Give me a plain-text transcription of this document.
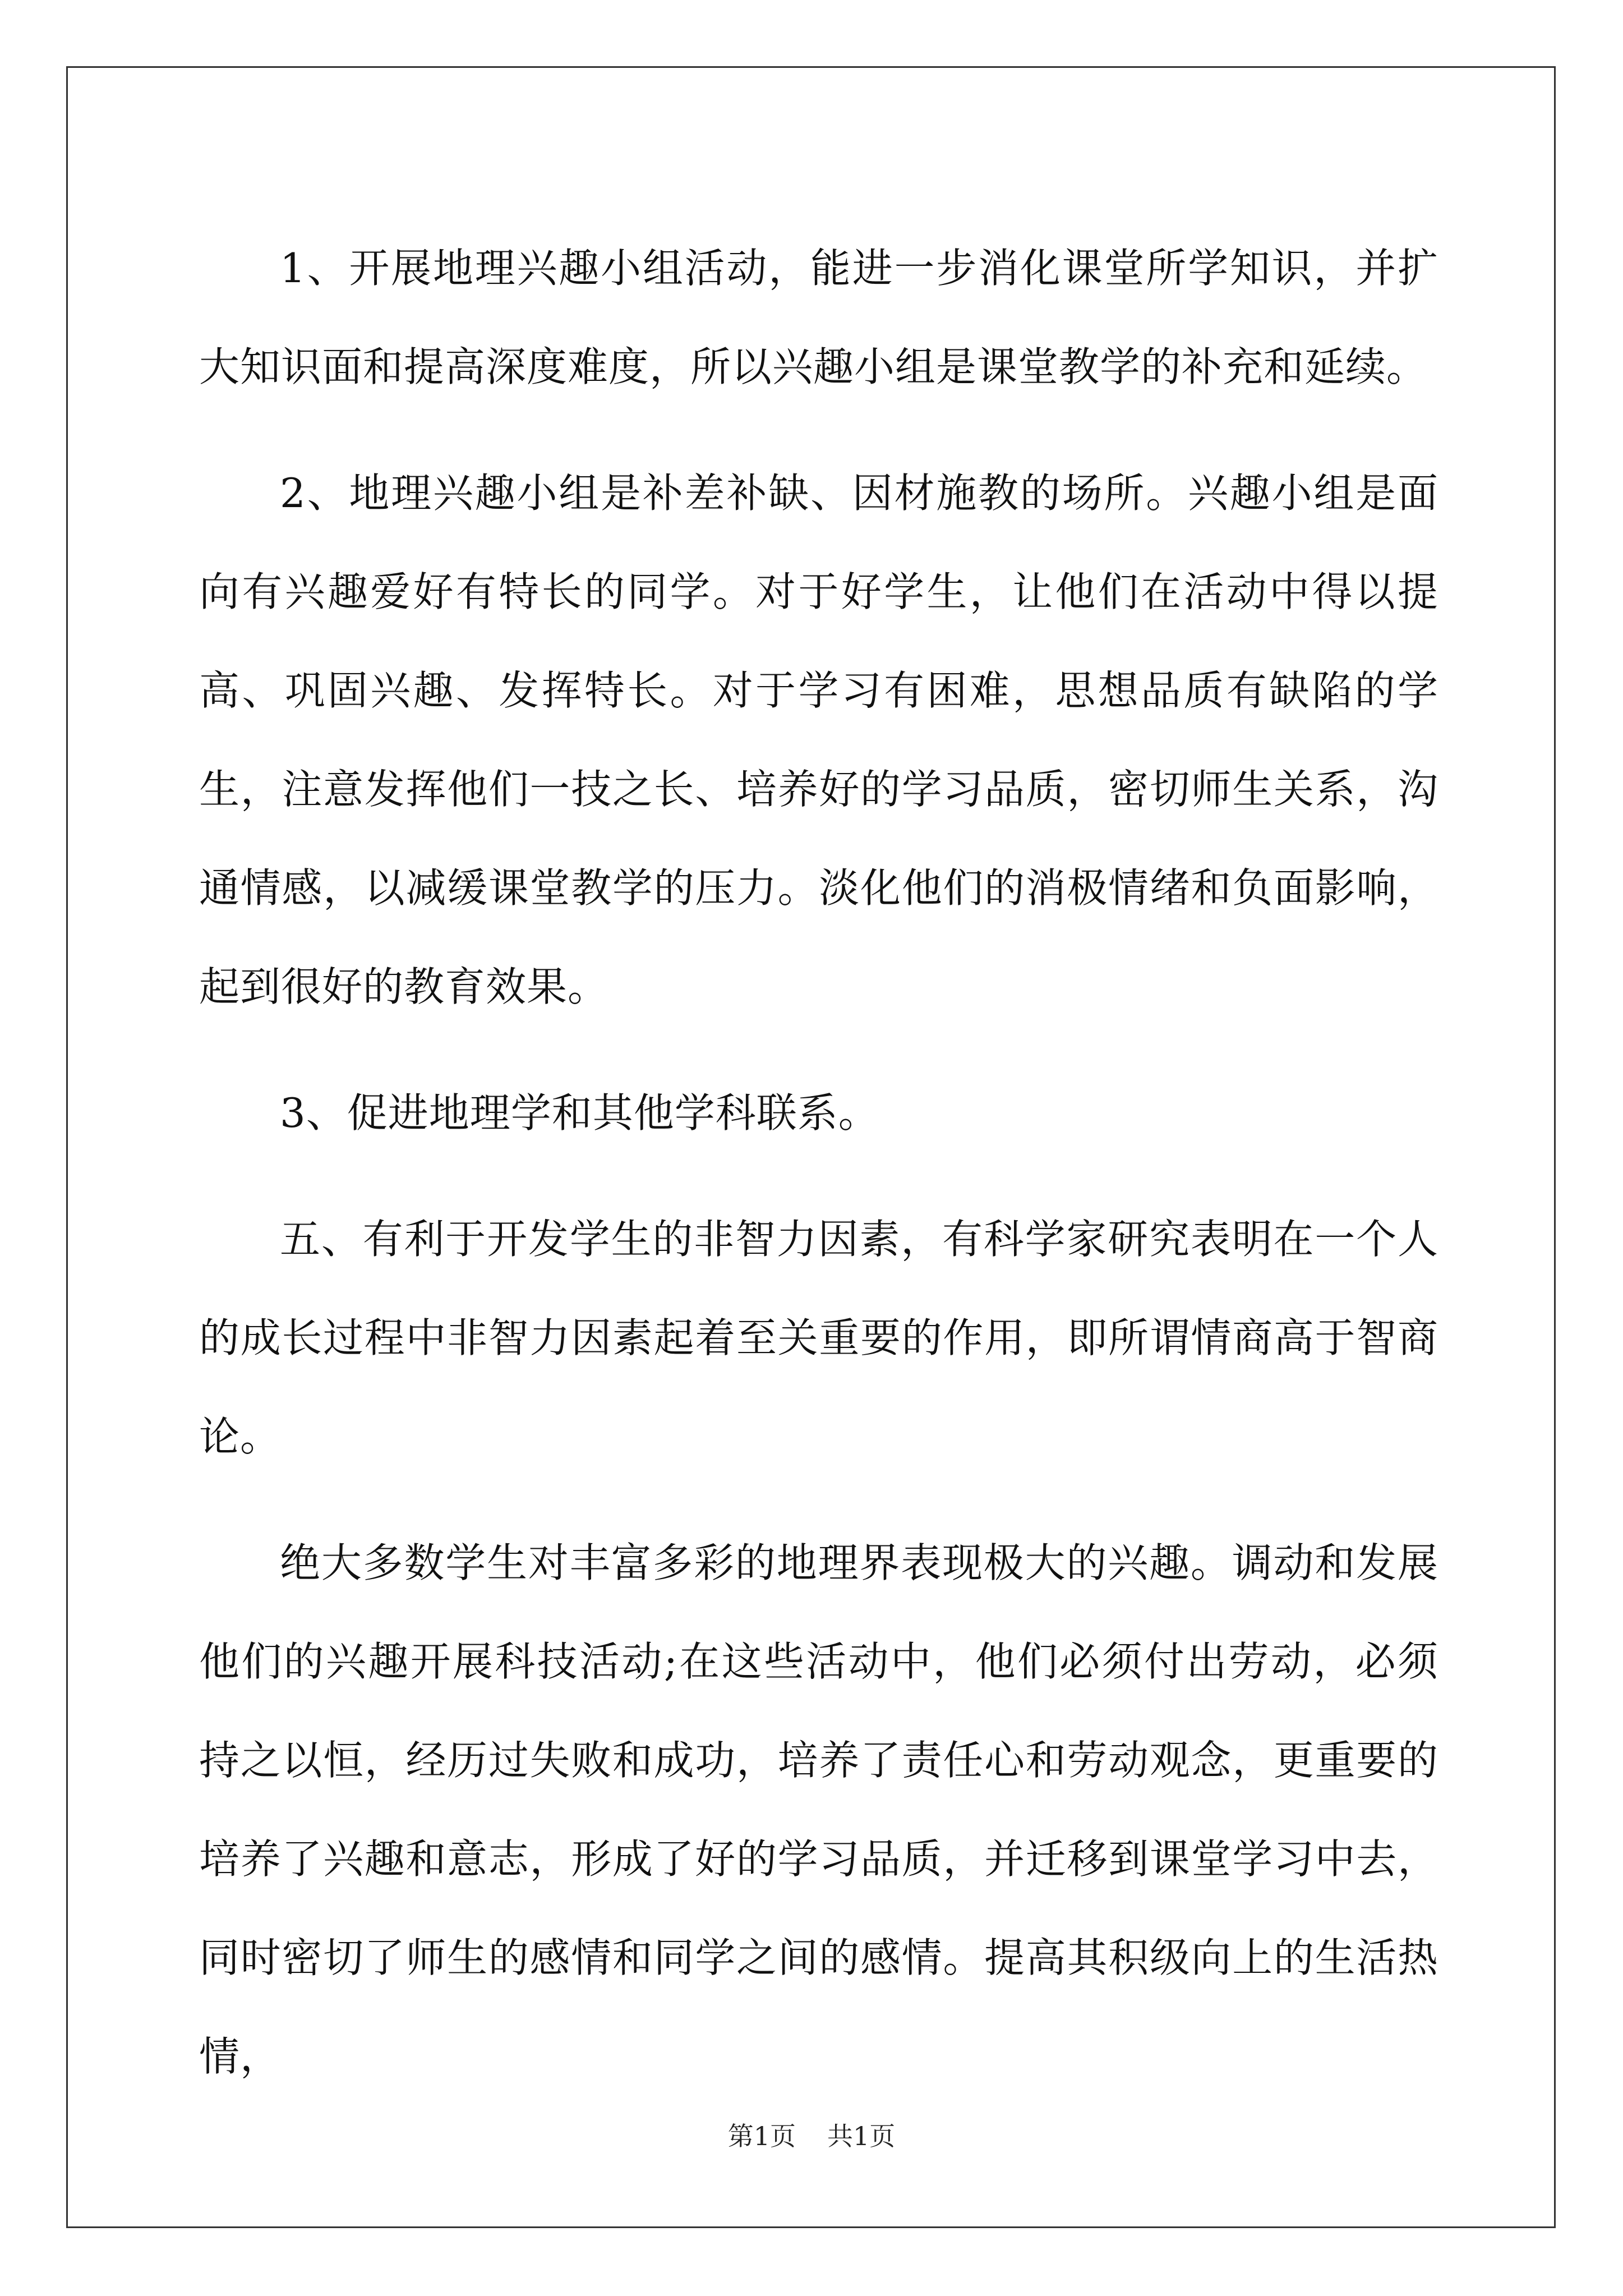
1、开展地理兴趣小组活动，能进一步消化课堂所学知识，并扩大知识面和提高深度难度，所以兴趣小组是课堂教学的补充和延续。

2、地理兴趣小组是补差补缺、因材施教的场所。兴趣小组是面向有兴趣爱好有特长的同学。对于好学生，让他们在活动中得以提高、巩固兴趣、发挥特长。对于学习有困难，思想品质有缺陷的学生，注意发挥他们一技之长、培养好的学习品质，密切师生关系，沟通情感，以减缓课堂教学的压力。淡化他们的消极情绪和负面影响，起到很好的教育效果。

3、促进地理学和其他学科联系。

五、有利于开发学生的非智力因素，有科学家研究表明在一个人的成长过程中非智力因素起着至关重要的作用，即所谓情商高于智商论。

绝大多数学生对丰富多彩的地理界表现极大的兴趣。调动和发展他们的兴趣开展科技活动;在这些活动中，他们必须付出劳动，必须持之以恒，经历过失败和成功，培养了责任心和劳动观念，更重要的培养了兴趣和意志，形成了好的学习品质，并迁移到课堂学习中去，同时密切了师生的感情和同学之间的感情。提高其积级向上的生活热情，

第1页 共1页
